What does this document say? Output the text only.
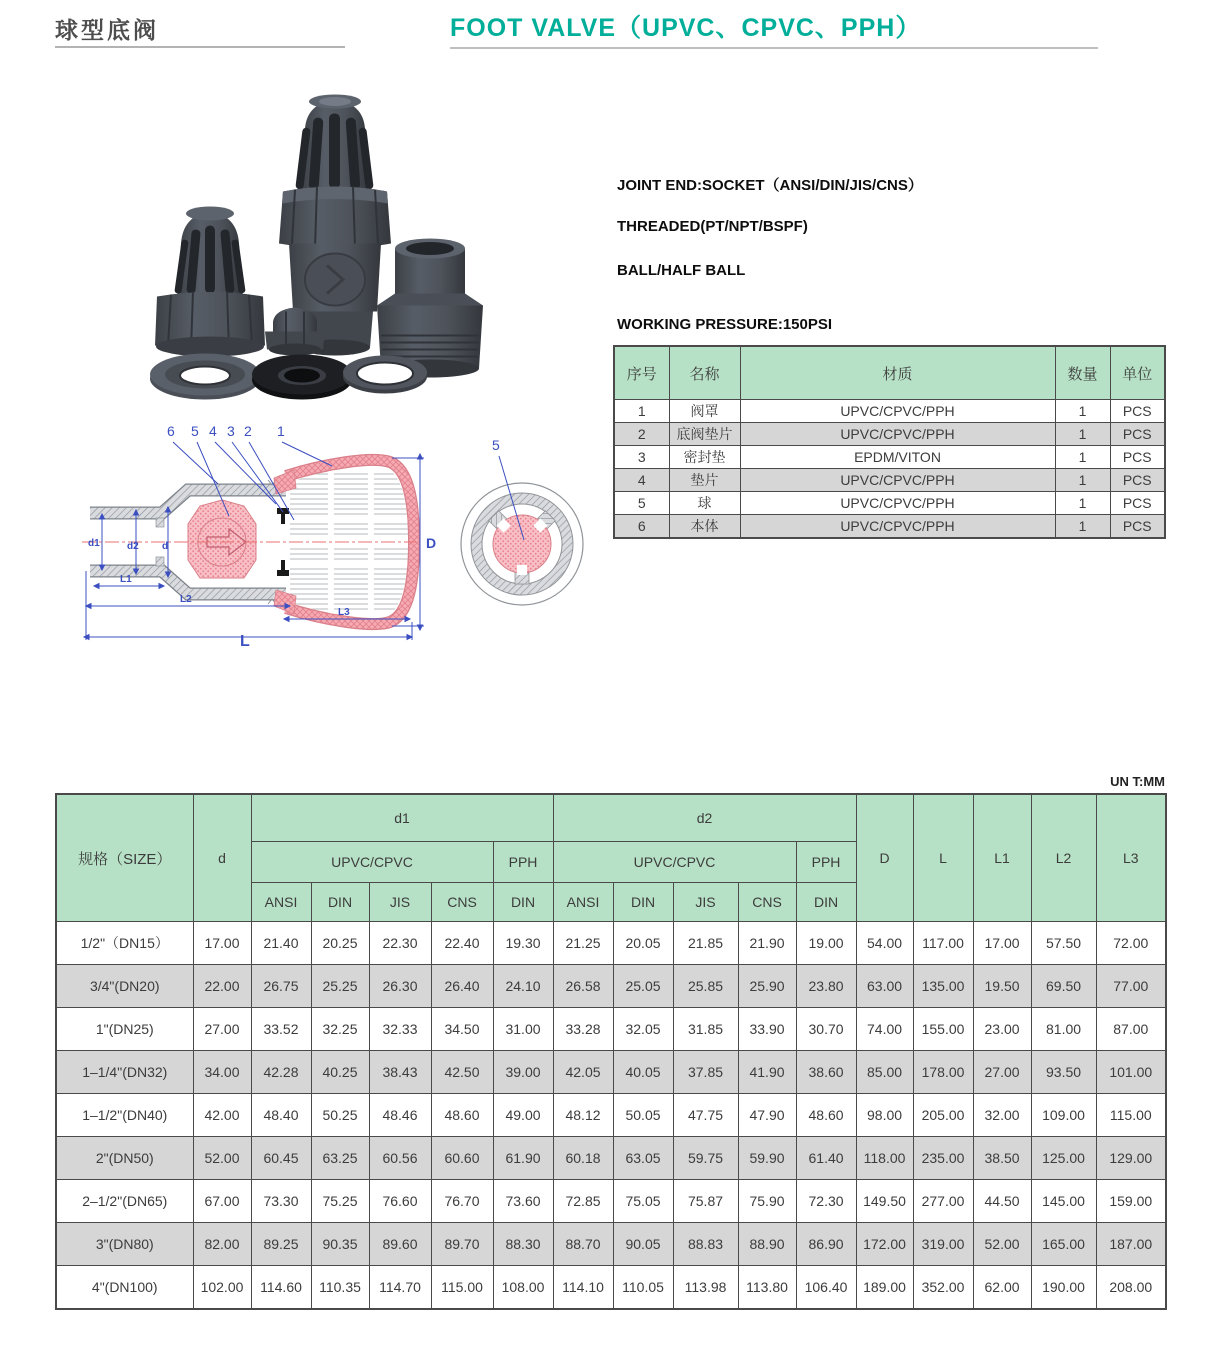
球型底阀	FOOT VALVE（UPVC、CPVC、PPH）
d1	d2 d
L1
L2
L3
L
D
6 5 4 3 2 1
5
JOINT END:SOCKET（ANSI/DIN/JIS/CNS）
THREADED(PT/NPT/BSPF)
BALL/HALF BALL
WORKING PRESSURE:150PSI
序号	名称	材质	数量	单位
1	阀罩	UPVC/CPVC/PPH	1	PCS
2	底阀垫片	UPVC/CPVC/PPH	1	PCS
3	密封垫	EPDM/VITON	1	PCS
4	垫片	UPVC/CPVC/PPH	1	PCS
5	球	UPVC/CPVC/PPH	1	PCS
6	本体	UPVC/CPVC/PPH	1	PCS
UN T:MM
规格（SIZE）	d	d1					d2					D	L	L1	L2	L3
		UPVC/CPVC				PPH	UPVC/CPVC				PPH					
		ANSI	DIN	JIS	CNS	DIN	ANSI	DIN	JIS	CNS	DIN					
1/2"（DN15）	17.00	21.40	20.25	22.30	22.40	19.30	21.25	20.05	21.85	21.90	19.00	54.00	117.00	17.00	57.50	72.00
3/4"(DN20)	22.00	26.75	25.25	26.30	26.40	24.10	26.58	25.05	25.85	25.90	23.80	63.00	135.00	19.50	69.50	77.00
1"(DN25)	27.00	33.52	32.25	32.33	34.50	31.00	33.28	32.05	31.85	33.90	30.70	74.00	155.00	23.00	81.00	87.00
1–1/4"(DN32)	34.00	42.28	40.25	38.43	42.50	39.00	42.05	40.05	37.85	41.90	38.60	85.00	178.00	27.00	93.50	101.00
1–1/2"(DN40)	42.00	48.40	50.25	48.46	48.60	49.00	48.12	50.05	47.75	47.90	48.60	98.00	205.00	32.00	109.00	115.00
2"(DN50)	52.00	60.45	63.25	60.56	60.60	61.90	60.18	63.05	59.75	59.90	61.40	118.00	235.00	38.50	125.00	129.00
2–1/2"(DN65)	67.00	73.30	75.25	76.60	76.70	73.60	72.85	75.05	75.87	75.90	72.30	149.50	277.00	44.50	145.00	159.00
3"(DN80)	82.00	89.25	90.35	89.60	89.70	88.30	88.70	90.05	88.83	88.90	86.90	172.00	319.00	52.00	165.00	187.00
4"(DN100)	102.00	114.60	110.35	114.70	115.00	108.00	114.10	110.05	113.98	113.80	106.40	189.00	352.00	62.00	190.00	208.00
